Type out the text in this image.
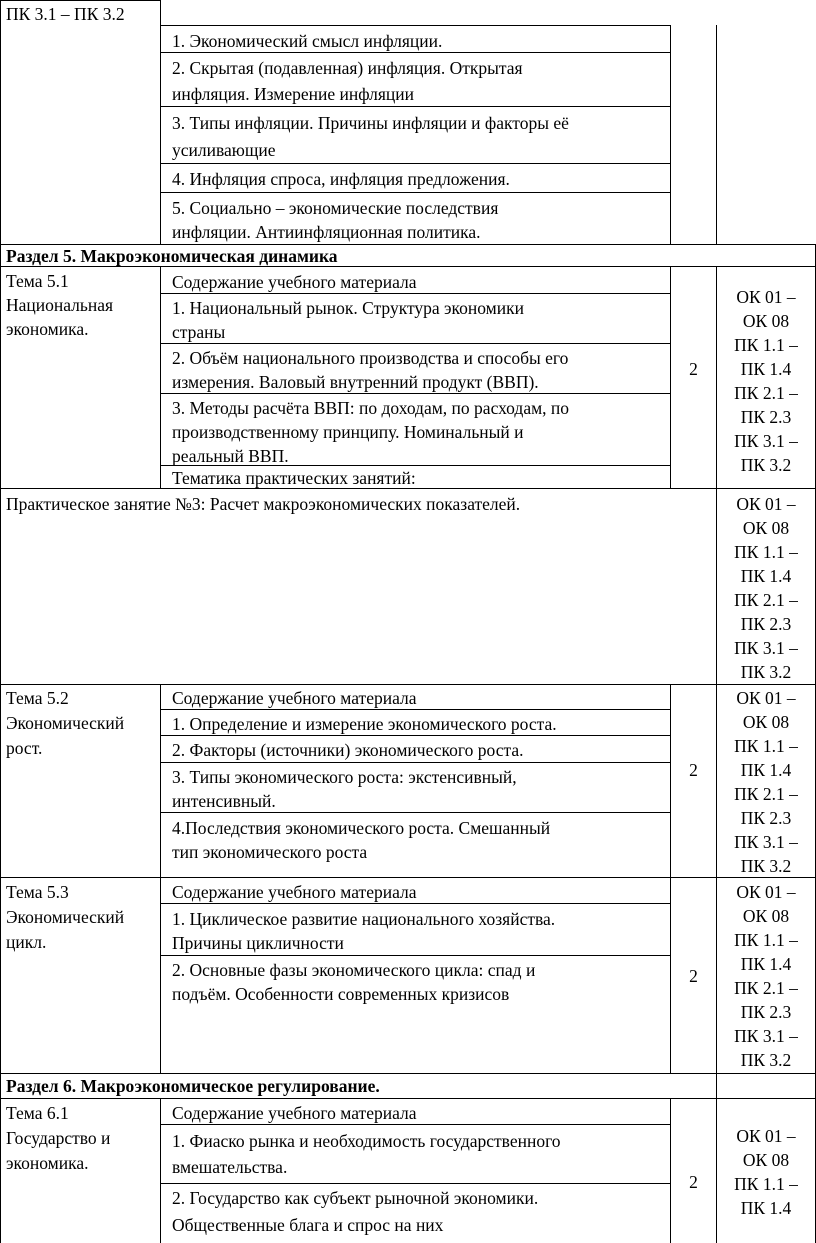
ПК 3.1 – ПК 3.2
1. Экономический смысл инфляции.
2. Скрытая (подавленная) инфляция. Открытая
инфляция. Измерение инфляции
3. Типы инфляции. Причины инфляции и факторы её
усиливающие
4. Инфляция спроса, инфляция предложения.
5. Социально – экономические последствия
инфляции. Антиинфляционная политика.
Раздел 5. Макроэкономическая динамика
Тема 5.1
Национальная
экономика.
Содержание учебного материала
1. Национальный рынок. Структура экономики
страны
2. Объём национального производства и способы его
измерения. Валовый внутренний продукт (ВВП).
3. Методы расчёта ВВП: по доходам, по расходам, по
производственному принципу. Номинальный и
реальный ВВП.
Тематика практических занятий:
2
ОК 01 –
ОК 08
ПК 1.1 –
ПК 1.4
ПК 2.1 –
ПК 2.3
ПК 3.1 –
ПК 3.2
Практическое занятие №3: Расчет макроэкономических показателей.	ОК 01 –
ОК 08
ПК 1.1 –
ПК 1.4
ПК 2.1 –
ПК 2.3
ПК 3.1 –
ПК 3.2
Тема 5.2
Экономический
рост.
Содержание учебного материала
1. Определение и измерение экономического роста.
2. Факторы (источники) экономического роста.
3. Типы экономического роста: экстенсивный,
интенсивный.
4.Последствия экономического роста. Смешанный
тип экономического роста
2
ОК 01 –
ОК 08
ПК 1.1 –
ПК 1.4
ПК 2.1 –
ПК 2.3
ПК 3.1 –
ПК 3.2
Тема 5.3
Экономический
цикл.
Содержание учебного материала
1. Циклическое развитие национального хозяйства.
Причины цикличности
2. Основные фазы экономического цикла: спад и
подъём. Особенности современных кризисов
2
ОК 01 –
ОК 08
ПК 1.1 –
ПК 1.4
ПК 2.1 –
ПК 2.3
ПК 3.1 –
ПК 3.2
Раздел 6. Макроэкономическое регулирование.
Тема 6.1
Государство и
экономика.
Содержание учебного материала
1. Фиаско рынка и необходимость государственного
вмешательства.
2. Государство как субъект рыночной экономики.
Общественные блага и спрос на них
2
ОК 01 –
ОК 08
ПК 1.1 –
ПК 1.4
